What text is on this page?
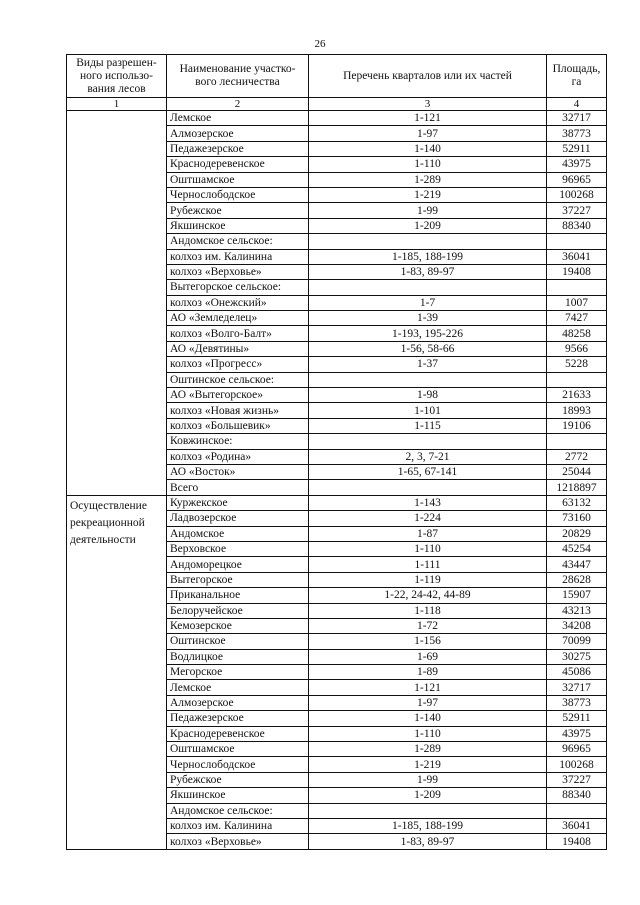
26
Виды разрешен-ного использо-вания лесов	Наименование участко-вого лесничества	Перечень кварталов или их частей	Площадь, га
1	2	3	4
	Лемское	1-121	32717
	Алмозерское	1-97	38773
	Педажезерское	1-140	52911
	Краснодеревенское	1-110	43975
	Оштшамское	1-289	96965
	Чернослободское	1-219	100268
	Рубежское	1-99	37227
	Якшинское	1-209	88340
	Андомское сельское:		
	колхоз им. Калинина	1-185, 188-199	36041
	колхоз «Верховье»	1-83, 89-97	19408
	Вытегорское сельское:		
	колхоз «Онежский»	1-7	1007
	АО «Земледелец»	1-39	7427
	колхоз «Волго-Балт»	1-193, 195-226	48258
	АО «Девятины»	1-56, 58-66	9566
	колхоз «Прогресс»	1-37	5228
	Оштинское сельское:		
	АО «Вытегорское»	1-98	21633
	колхоз «Новая жизнь»	1-101	18993
	колхоз «Большевик»	1-115	19106
	Ковжинское:		
	колхоз «Родина»	2, 3, 7-21	2772
	АО «Восток»	1-65, 67-141	25044
	Всего		1218897
Осуществление рекреационной деятельности	Куржекское	1-143	63132
	Ладвозерское	1-224	73160
	Андомское	1-87	20829
	Верховское	1-110	45254
	Андоморецкое	1-111	43447
	Вытегорское	1-119	28628
	Приканальное	1-22, 24-42, 44-89	15907
	Белоручейское	1-118	43213
	Кемозерское	1-72	34208
	Оштинское	1-156	70099
	Водлицкое	1-69	30275
	Мегорское	1-89	45086
	Лемское	1-121	32717
	Алмозерское	1-97	38773
	Педажезерское	1-140	52911
	Краснодеревенское	1-110	43975
	Оштшамское	1-289	96965
	Чернослободское	1-219	100268
	Рубежское	1-99	37227
	Якшинское	1-209	88340
	Андомское сельское:		
	колхоз им. Калинина	1-185, 188-199	36041
	колхоз «Верховье»	1-83, 89-97	19408
